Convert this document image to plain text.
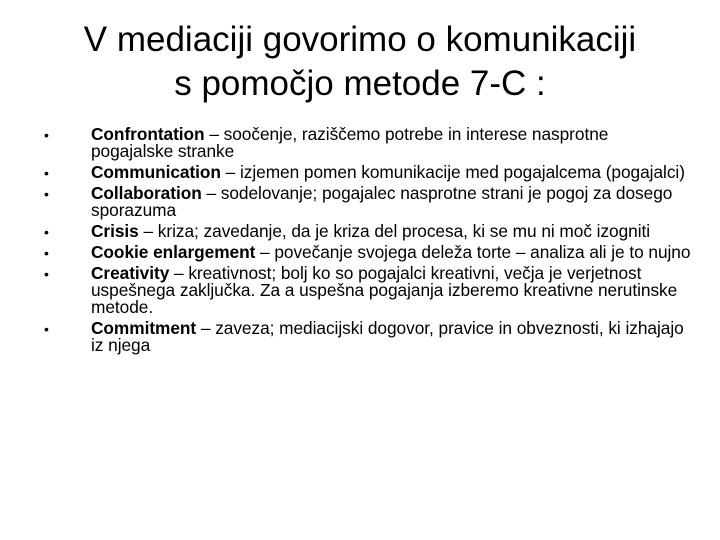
V mediaciji govorimo o komunikaciji
s pomočjo metode 7-C :
• Confrontation – soočenje, raziščemo potrebe in interese nasprotne pogajalske stranke
• Communication – izjemen pomen komunikacije med pogajalcema (pogajalci)
• Collaboration – sodelovanje; pogajalec nasprotne strani je pogoj za dosego sporazuma
• Crisis – kriza; zavedanje, da je kriza del procesa, ki se mu ni moč izogniti
• Cookie enlargement – povečanje svojega deleža torte – analiza ali je to nujno
• Creativity – kreativnost; bolj ko so pogajalci kreativni, večja je verjetnost uspešnega zaključka. Za a uspešna pogajanja izberemo kreativne nerutinske metode.
• Commitment – zaveza; mediacijski dogovor, pravice in obveznosti, ki izhajajo iz njega
